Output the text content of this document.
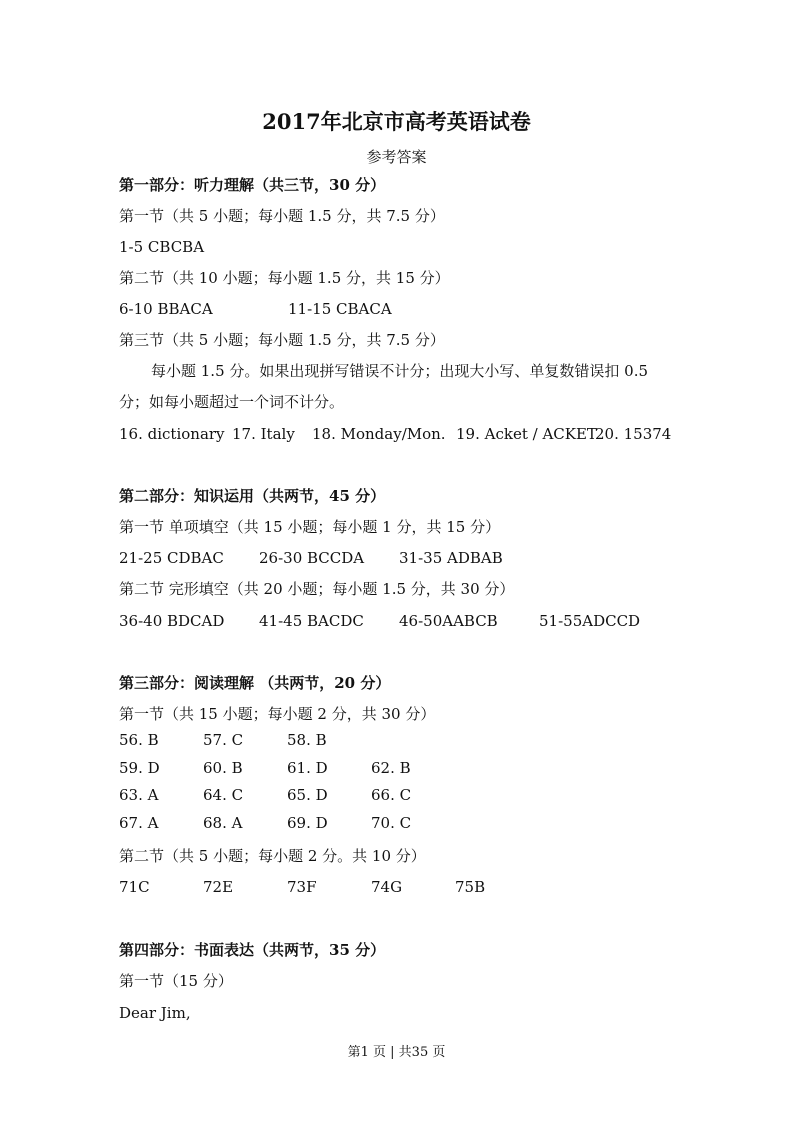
2017年北京市高考英语试卷
参考答案
第一部分：听力理解（共三节，30 分）
第一节（共 5 小题；每小题 1.5 分，共 7.5 分）
1-5 CBCBA
第二节（共 10 小题；每小题 1.5 分，共 15 分）
6-10 BBACA	11-15 CBACA
第三节（共 5 小题；每小题 1.5 分，共 7.5 分）
每小题 1.5 分。如果出现拼写错误不计分；出现大小写、单复数错误扣 0.5
分；如每小题超过一个词不计分。
16. dictionary 17. Italy 18. Monday/Mon. 19. Acket / ACKET
20. 15374
第二部分：知识运用（共两节，45 分）
第一节 单项填空（共 15 小题；每小题 1 分，共 15 分）
21-25 CDBAC 26-30 BCCDA 31-35 ADBAB
第二节 完形填空（共 20 小题；每小题 1.5 分，共 30 分）
36-40 BDCAD 41-45 BACDC 46-50AABCB	51-55ADCCD
第三部分：阅读理解 （共两节，20 分）
第一节（共 15 小题；每小题 2 分，共 30 分）
56. B	57. C	58. B
59. D	60. B	61. D	62. B
63. A	64. C	65. D	66. C
67. A	68. A	69. D	70. C
第二节（共 5 小题；每小题 2 分。共 10 分）
71C	72E	73F	74G	75B
第四部分：书面表达（共两节，35 分）
第一节（15 分）
Dear Jim,
第1 页 | 共35 页
